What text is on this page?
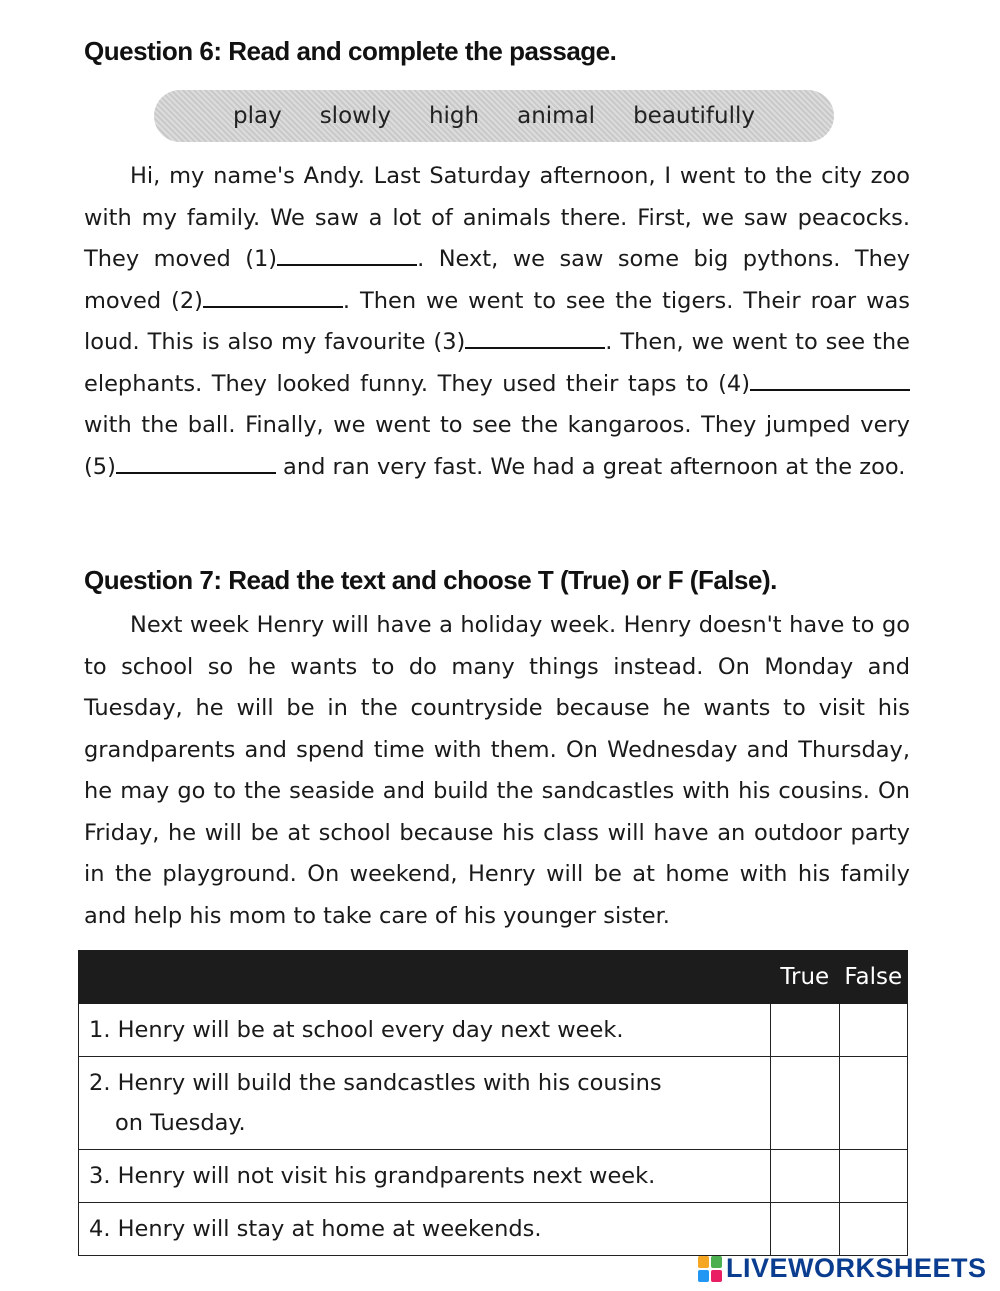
Question 6: Read and complete the passage.
play slowly high animal beautifully

Hi, my name's Andy. Last Saturday afternoon, I went to the city zoo with my family. We saw a lot of animals there. First, we saw peacocks. They moved (1)	. Next, we saw some big pythons. They moved (2)	. Then we went to see the tigers. Their roar was loud. This is also my favourite (3)	. Then, we went to see the elephants. They looked funny. They used their taps to (4) with the ball. Finally, we went to see the kangaroos. They jumped very (5)	and ran very fast. We had a great afternoon at the zoo.

Question 7: Read the text and choose T (True) or F (False).

Next week Henry will have a holiday week. Henry doesn't have to go to school so he wants to do many things instead. On Monday and Tuesday, he will be in the countryside because he wants to visit his grandparents and spend time with them. On Wednesday and Thursday, he may go to the seaside and build the sandcastles with his cousins. On Friday, he will be at school because his class will have an outdoor party in the playground. On weekend, Henry will be at home with his family and help his mom to take care of his younger sister.

	True	False
1. Henry will be at school every day next week.		
2. Henry will build the sandcastles with his cousins
on Tuesday.		

3. Henry will not visit his grandparents next week.		
4. Henry will stay at home at weekends.		
LIVEWORKSHEETS
